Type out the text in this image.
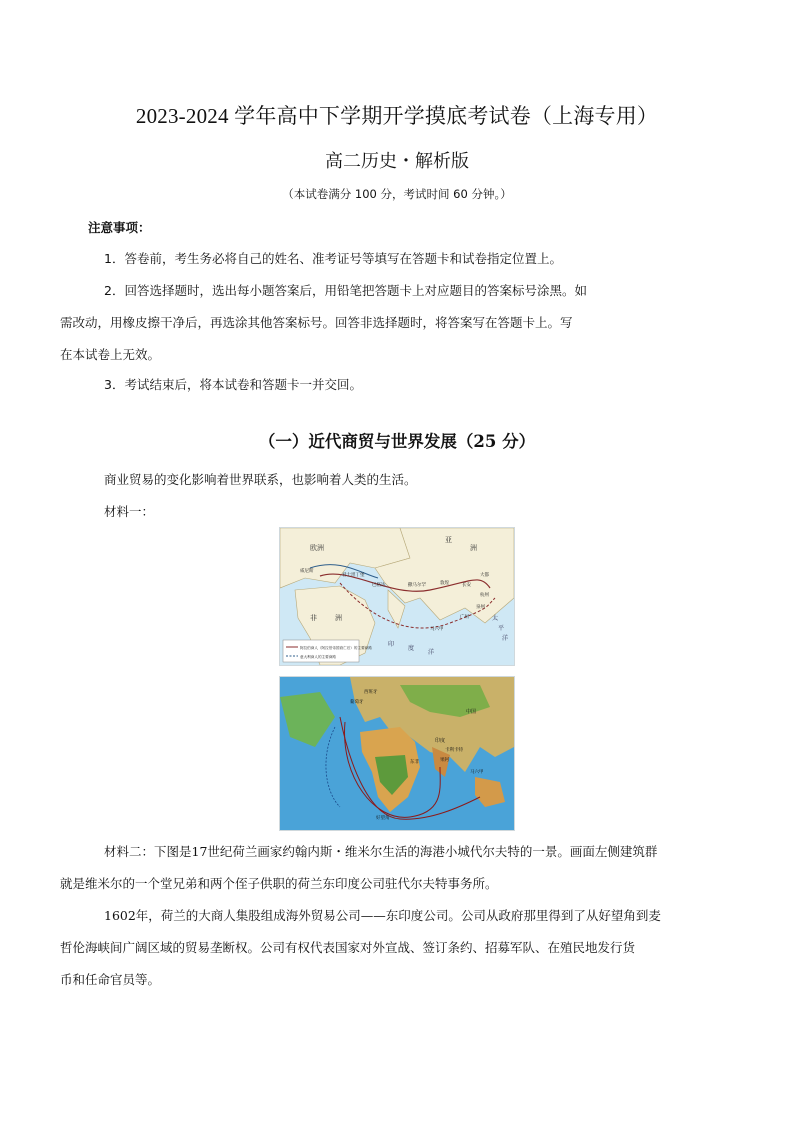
2023-2024 学年高中下学期开学摸底考试卷（上海专用）
高二历史・解析版
（本试卷满分 100 分，考试时间 60 分钟。）
注意事项：
1．答卷前，考生务必将自己的姓名、准考证号等填写在答题卡和试卷指定位置上。
2．回答选择题时，选出每小题答案后，用铅笔把答题卡上对应题目的答案标号涂黑。如
需改动，用橡皮擦干净后，再选涂其他答案标号。回答非选择题时，将答案写在答题卡上。写
在本试卷上无效。
3．考试结束后，将本试卷和答题卡一并交回。
（一）近代商贸与世界发展（25 分）
商业贸易的变化影响着世界联系，也影响着人类的生活。
材料一：
亚
洲
欧洲
非	洲
印
度
洋
太
平
洋
威尼斯
君士坦丁堡
撒马尔罕	敦煌	长安
泉州
广州
马六甲
巴格达
大都
杭州
阿拉伯商人（阿拉伯帝国衰亡后）的主要商路
意大利商人的主要商路
中国
印度
西班牙
葡萄牙
好望角
马六甲
果阿
东非
卡利卡特
材料二：下图是17世纪荷兰画家约翰内斯・维米尔生活的海港小城代尔夫特的一景。画面左侧建筑群
就是维米尔的一个堂兄弟和两个侄子供职的荷兰东印度公司驻代尔夫特事务所。
1602年，荷兰的大商人集股组成海外贸易公司——东印度公司。公司从政府那里得到了从好望角到麦
哲伦海峡间广阔区域的贸易垄断权。公司有权代表国家对外宣战、签订条约、招募军队、在殖民地发行货
币和任命官员等。
